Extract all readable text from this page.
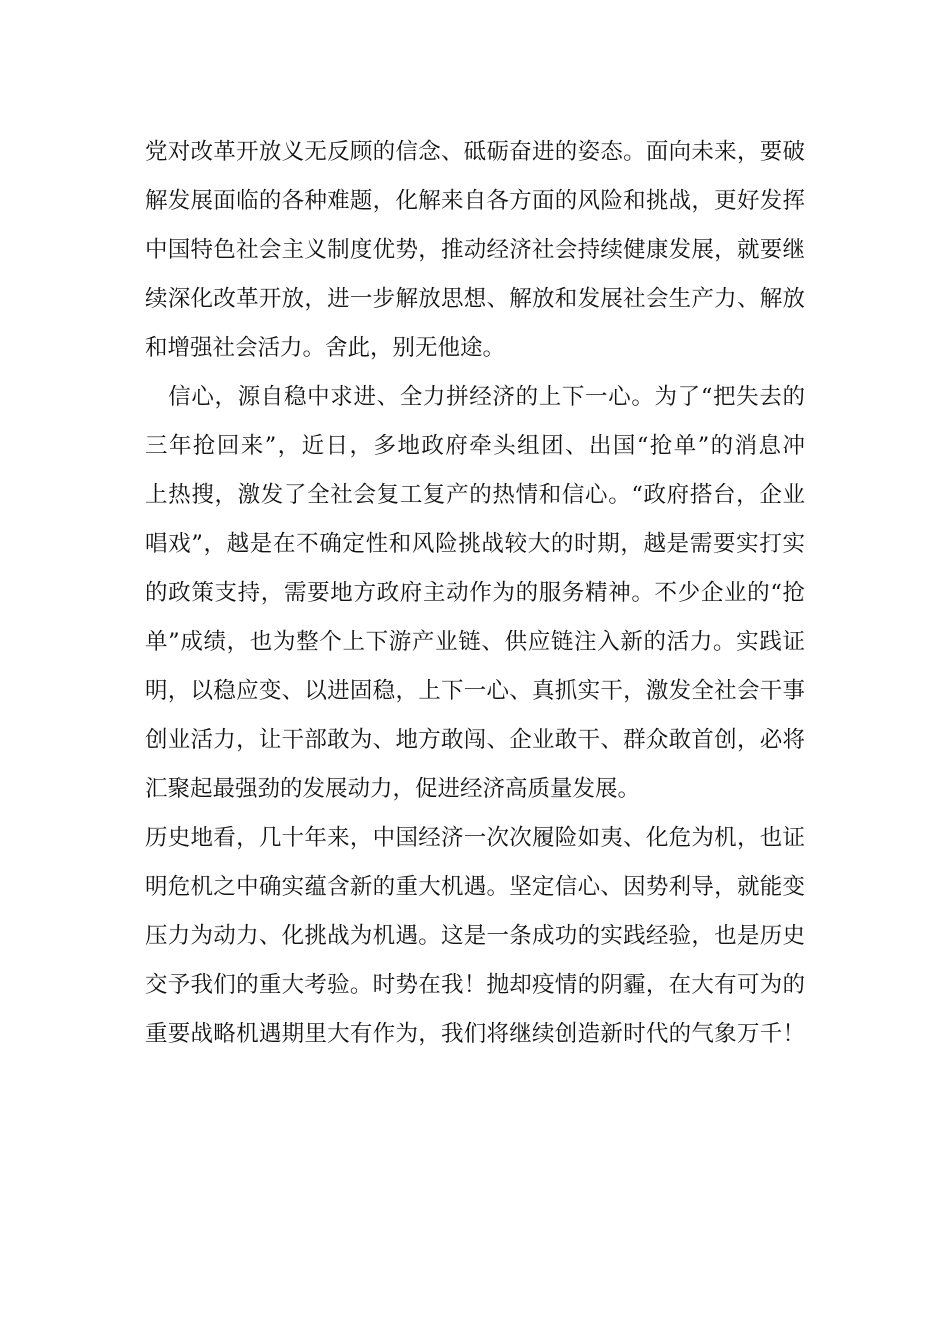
党对改革开放义无反顾的信念、砥砺奋进的姿态。面向未来，要破
解发展面临的各种难题，化解来自各方面的风险和挑战，更好发挥
中国特色社会主义制度优势，推动经济社会持续健康发展，就要继
续深化改革开放，进一步解放思想、解放和发展社会生产力、解放
和增强社会活力。舍此，别无他途。
　信心，源自稳中求进、全力拼经济的上下一心。为了“把失去的
三年抢回来”，近日，多地政府牵头组团、出国“抢单”的消息冲
上热搜，激发了全社会复工复产的热情和信心。“政府搭台，企业
唱戏”，越是在不确定性和风险挑战较大的时期，越是需要实打实
的政策支持，需要地方政府主动作为的服务精神。不少企业的“抢
单”成绩，也为整个上下游产业链、供应链注入新的活力。实践证
明，以稳应变、以进固稳，上下一心、真抓实干，激发全社会干事
创业活力，让干部敢为、地方敢闯、企业敢干、群众敢首创，必将
汇聚起最强劲的发展动力，促进经济高质量发展。
历史地看，几十年来，中国经济一次次履险如夷、化危为机，也证
明危机之中确实蕴含新的重大机遇。坚定信心、因势利导，就能变
压力为动力、化挑战为机遇。这是一条成功的实践经验，也是历史
交予我们的重大考验。时势在我！抛却疫情的阴霾，在大有可为的
重要战略机遇期里大有作为，我们将继续创造新时代的气象万千！
